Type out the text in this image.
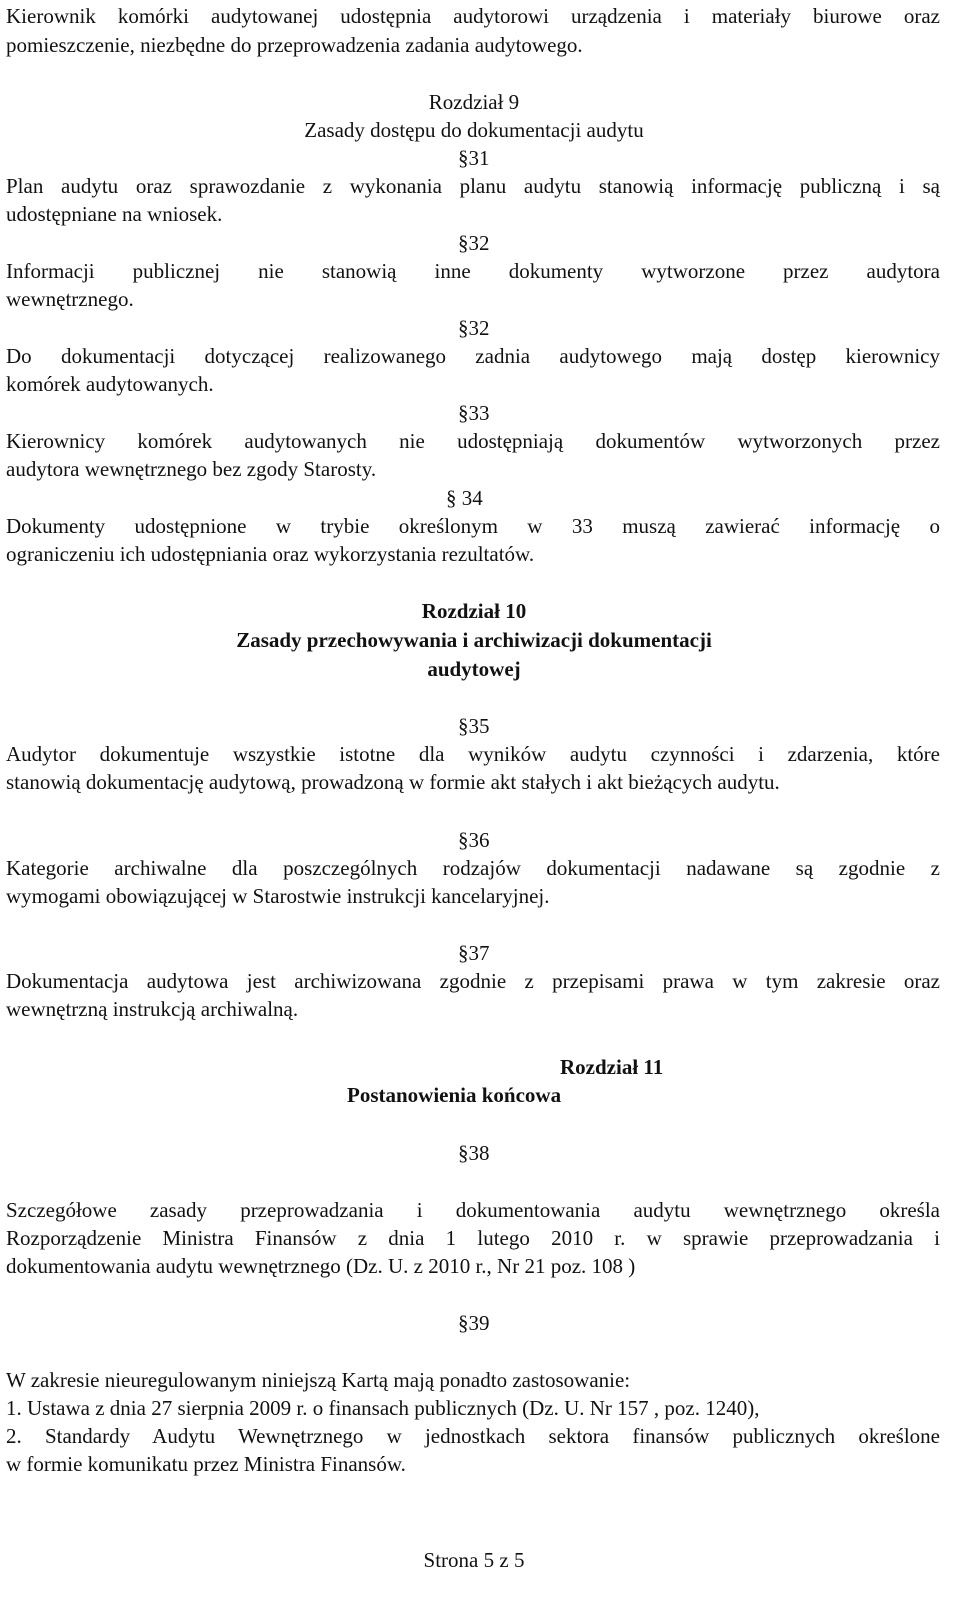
Kierownik komórki audytowanej udostępnia audytorowi urządzenia i materiały biurowe oraz

pomieszczenie, niezbędne do przeprowadzenia zadania audytowego.

Rozdział 9

Zasady dostępu do dokumentacji audytu

§31

Plan audytu oraz sprawozdanie z wykonania planu audytu stanowią informację publiczną i są

udostępniane na wniosek.

§32

Informacji publicznej nie stanowią inne dokumenty wytworzone przez audytora

wewnętrznego.

§32

Do dokumentacji dotyczącej realizowanego zadnia audytowego mają dostęp kierownicy

komórek audytowanych.

§33

Kierownicy komórek audytowanych nie udostępniają dokumentów wytworzonych przez

audytora wewnętrznego bez zgody Starosty.

§ 34

Dokumenty udostępnione w trybie określonym w 33 muszą zawierać informację o

ograniczeniu ich udostępniania oraz wykorzystania rezultatów.

Rozdział 10

Zasady przechowywania i archiwizacji dokumentacji

audytowej

§35

Audytor dokumentuje wszystkie istotne dla wyników audytu czynności i zdarzenia, które

stanowią dokumentację audytową, prowadzoną w formie akt stałych i akt bieżących audytu.

§36

Kategorie archiwalne dla poszczególnych rodzajów dokumentacji nadawane są zgodnie z

wymogami obowiązującej w Starostwie instrukcji kancelaryjnej.

§37

Dokumentacja audytowa jest archiwizowana zgodnie z przepisami prawa w tym zakresie oraz

wewnętrzną instrukcją archiwalną.

Rozdział 11

Postanowienia końcowa

§38

Szczegółowe zasady przeprowadzania i dokumentowania audytu wewnętrznego określa

Rozporządzenie Ministra Finansów z dnia 1 lutego 2010 r. w sprawie przeprowadzania i

dokumentowania audytu wewnętrznego (Dz. U. z 2010 r., Nr 21 poz. 108 )

§39

W zakresie nieuregulowanym niniejszą Kartą mają ponadto zastosowanie:

1. Ustawa z dnia 27 sierpnia 2009 r. o finansach publicznych (Dz. U. Nr 157 , poz. 1240),

2. Standardy Audytu Wewnętrznego w jednostkach sektora finansów publicznych określone

w formie komunikatu przez Ministra Finansów.

Strona 5 z 5
